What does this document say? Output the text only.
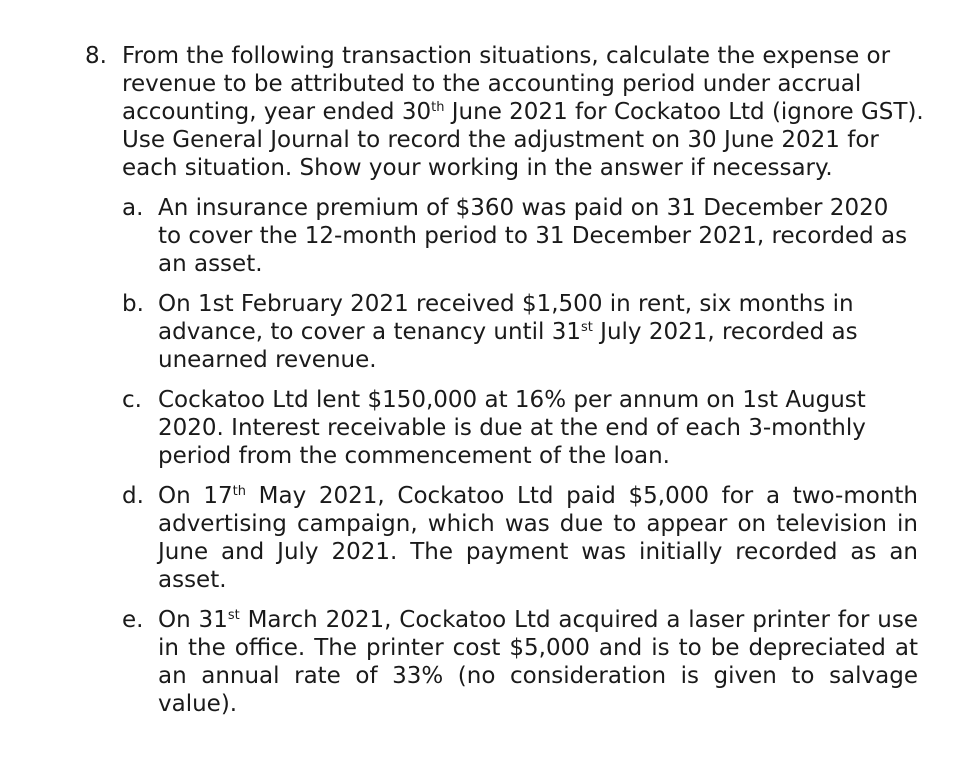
8. From the following transaction situations, calculate the expense or revenue to be attributed to the accounting period under accrual accounting, year ended 30th June 2021 for Cockatoo Ltd (ignore GST). Use General Journal to record the adjustment on 30 June 2021 for each situation. Show your working in the answer if necessary.
a. An insurance premium of $360 was paid on 31 December 2020 to cover the 12-month period to 31 December 2021, recorded as an asset.
b. On 1st February 2021 received $1,500 in rent, six months in advance, to cover a tenancy until 31st July 2021, recorded as unearned revenue.
c. Cockatoo Ltd lent $150,000 at 16% per annum on 1st August 2020. Interest receivable is due at the end of each 3-monthly period from the commencement of the loan.
d. On 17th May 2021, Cockatoo Ltd paid $5,000 for a two-month advertising campaign, which was due to appear on television in June and July 2021. The payment was initially recorded as an asset.
e. On 31st March 2021, Cockatoo Ltd acquired a laser printer for use in the office. The printer cost $5,000 and is to be depreciated at an annual rate of 33% (no consideration is given to salvage value).
